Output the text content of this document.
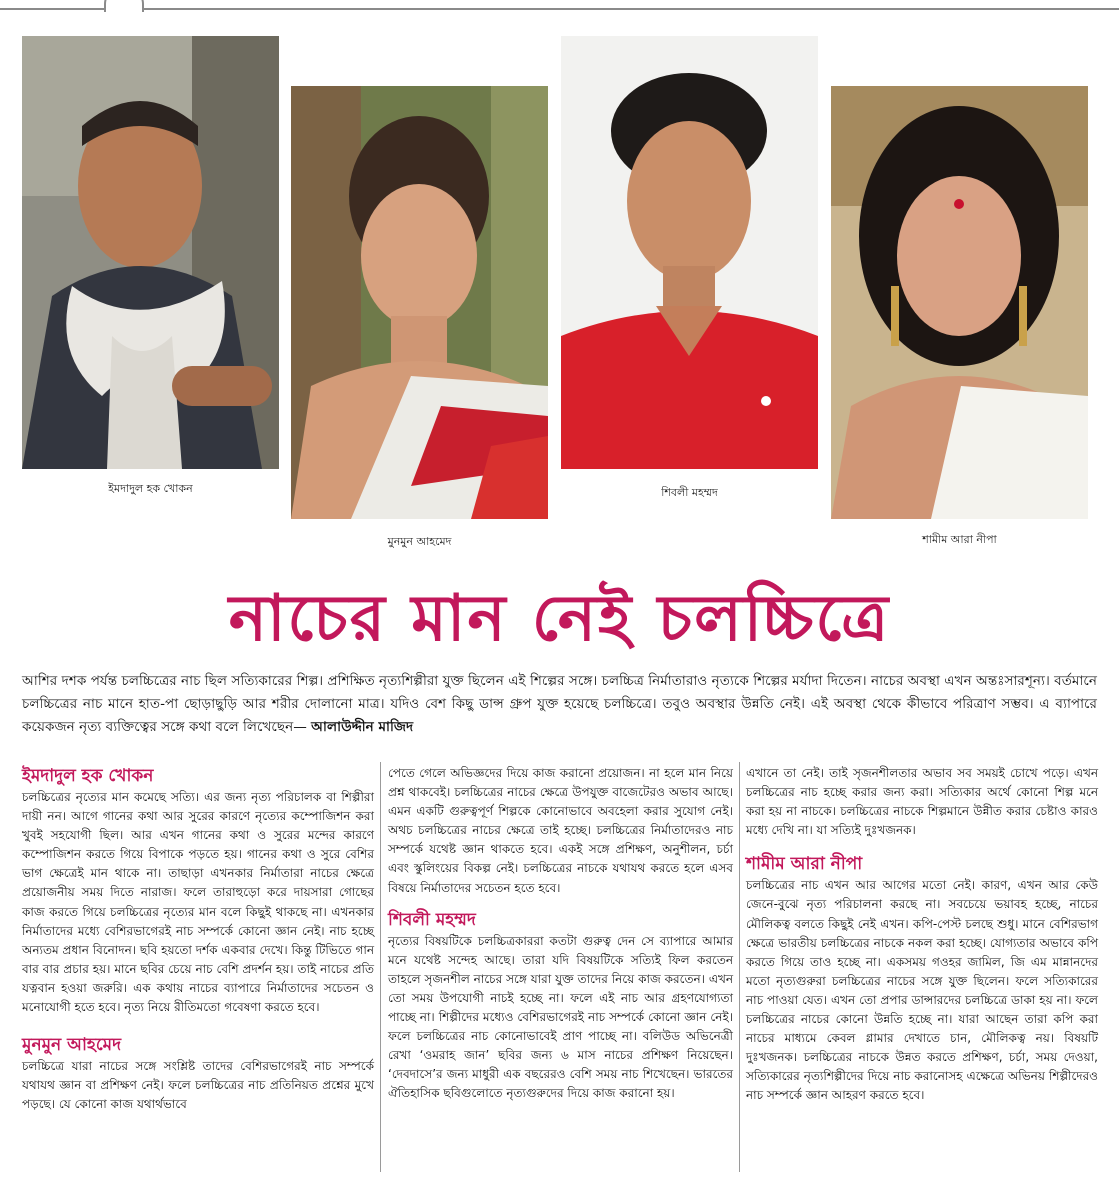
ইমদাদুল হক খোকন
মুনমুন আহমেদ
শিবলী মহম্মদ
শামীম আরা নীপা
নাচের মান নেই চলচ্চিত্রে
আশির দশক পর্যন্ত চলচ্চিত্রের নাচ ছিল সত্যিকারের শিল্প। প্রশিক্ষিত নৃত্যশিল্পীরা যুক্ত ছিলেন এই শিল্পের সঙ্গে। চলচ্চিত্র নির্মাতারাও নৃত্যকে শিল্পের মর্যাদা দিতেন। নাচের অবস্থা এখন অন্তঃসারশূন্য। বর্তমানে চলচ্চিত্রের নাচ মানে হাত-পা ছোড়াছুড়ি আর শরীর দোলানো মাত্র। যদিও বেশ কিছু ডান্স গ্রুপ যুক্ত হয়েছে চলচ্চিত্রে। তবুও অবস্থার উন্নতি নেই। এই অবস্থা থেকে কীভাবে পরিত্রাণ সম্ভব। এ ব্যাপারে কয়েকজন নৃত্য ব্যক্তিত্বের সঙ্গে কথা বলে লিখেছেন— আলাউদ্দীন মাজিদ
ইমদাদুল হক খোকন

চলচ্চিত্রের নৃত্যের মান কমেছে সত্যি। এর জন্য নৃত্য পরিচালক বা শিল্পীরা দায়ী নন। আগে গানের কথা আর সুরের কারণে নৃত্যের কম্পোজিশন করা খুবই সহযোগী ছিল। আর এখন গানের কথা ও সুরের মন্দের কারণে কম্পোজিশন করতে গিয়ে বিপাকে পড়তে হয়। গানের কথা ও সুরে বেশির ভাগ ক্ষেত্রেই মান থাকে না। তাছাড়া এখনকার নির্মাতারা নাচের ক্ষেত্রে প্রয়োজনীয় সময় দিতে নারাজ। ফলে তারাহুড়ো করে দায়সারা গোছের কাজ করতে গিয়ে চলচ্চিত্রের নৃত্যের মান বলে কিছুই থাকছে না। এখনকার নির্মাতাদের মধ্যে বেশিরভাগেরই নাচ সম্পর্কে কোনো জ্ঞান নেই। নাচ হচ্ছে অন্যতম প্রধান বিনোদন। ছবি হয়তো দর্শক একবার দেখে। কিন্তু টিভিতে গান বার বার প্রচার হয়। মানে ছবির চেয়ে নাচ বেশি প্রদর্শন হয়। তাই নাচের প্রতি যত্নবান হওয়া জরুরি। এক কথায় নাচের ব্যাপারে নির্মাতাদের সচেতন ও মনোযোগী হতে হবে। নৃত্য নিয়ে রীতিমতো গবেষণা করতে হবে।

মুনমুন আহমেদ

চলচ্চিত্রে যারা নাচের সঙ্গে সংশ্লিষ্ট তাদের বেশিরভাগেরই নাচ সম্পর্কে যথাযথ জ্ঞান বা প্রশিক্ষণ নেই। ফলে চলচ্চিত্রের নাচ প্রতিনিয়ত প্রশ্নের মুখে পড়ছে। যে কোনো কাজ যথার্থভাবে

পেতে গেলে অভিজ্ঞদের দিয়ে কাজ করানো প্রয়োজন। না হলে মান নিয়ে প্রশ্ন থাকবেই। চলচ্চিত্রের নাচের ক্ষেত্রে উপযুক্ত বাজেটেরও অভাব আছে। এমন একটি গুরুত্বপূর্ণ শিল্পকে কোনোভাবে অবহেলা করার সুযোগ নেই। অথচ চলচ্চিত্রের নাচের ক্ষেত্রে তাই হচ্ছে। চলচ্চিত্রের নির্মাতাদেরও নাচ সম্পর্কে যথেষ্ট জ্ঞান থাকতে হবে। একই সঙ্গে প্রশিক্ষণ, অনুশীলন, চর্চা এবং স্কুলিংয়ের বিকল্প নেই। চলচ্চিত্রের নাচকে যথাযথ করতে হলে এসব বিষয়ে নির্মাতাদের সচেতন হতে হবে।

শিবলী মহম্মদ

নৃত্যের বিষয়টিকে চলচ্চিত্রকাররা কতটা গুরুত্ব দেন সে ব্যাপারে আমার মনে যথেষ্ট সন্দেহ আছে। তারা যদি বিষয়টিকে সত্যিই ফিল করতেন তাহলে সৃজনশীল নাচের সঙ্গে যারা যুক্ত তাদের নিয়ে কাজ করতেন। এখন তো সময় উপযোগী নাচই হচ্ছে না। ফলে এই নাচ আর গ্রহণযোগ্যতা পাচ্ছে না। শিল্পীদের মধ্যেও বেশিরভাগেরই নাচ সম্পর্কে কোনো জ্ঞান নেই। ফলে চলচ্চিত্রের নাচ কোনোভাবেই প্রাণ পাচ্ছে না। বলিউড অভিনেত্রী রেখা ‘ওমরাহ জান’ ছবির জন্য ৬ মাস নাচের প্রশিক্ষণ নিয়েছেন। ‘দেবদাসে’র জন্য মাধুরী এক বছরেরও বেশি সময় নাচ শিখেছেন। ভারতের ঐতিহাসিক ছবিগুলোতে নৃত্যগুরুদের দিয়ে কাজ করানো হয়।

এখানে তা নেই। তাই সৃজনশীলতার অভাব সব সময়ই চোখে পড়ে। এখন চলচ্চিত্রের নাচ হচ্ছে করার জন্য করা। সত্যিকার অর্থে কোনো শিল্প মনে করা হয় না নাচকে। চলচ্চিত্রের নাচকে শিল্পমানে উন্নীত করার চেষ্টাও কারও মধ্যে দেখি না। যা সত্যিই দুঃখজনক।

শামীম আরা নীপা

চলচ্চিত্রের নাচ এখন আর আগের মতো নেই। কারণ, এখন আর কেউ জেনে-বুঝে নৃত্য পরিচালনা করছে না। সবচেয়ে ভয়াবহ হচ্ছে, নাচের মৌলিকত্ব বলতে কিছুই নেই এখন। কপি-পেস্ট চলছে শুধু। মানে বেশিরভাগ ক্ষেত্রে ভারতীয় চলচ্চিত্রের নাচকে নকল করা হচ্ছে। যোগ্যতার অভাবে কপি করতে গিয়ে তাও হচ্ছে না। একসময় গওহর জামিল, জি এম মান্নানদের মতো নৃত্যগুরুরা চলচ্চিত্রের নাচের সঙ্গে যুক্ত ছিলেন। ফলে সত্যিকারের নাচ পাওয়া যেত। এখন তো প্রপার ডান্সারদের চলচ্চিত্রে ডাকা হয় না। ফলে চলচ্চিত্রের নাচের কোনো উন্নতি হচ্ছে না। যারা আছেন তারা কপি করা নাচের মাধ্যমে কেবল গ্লামার দেখাতে চান, মৌলিকত্ব নয়। বিষয়টি দুঃখজনক। চলচ্চিত্রের নাচকে উন্নত করতে প্রশিক্ষণ, চর্চা, সময় দেওয়া, সত্যিকারের নৃত্যশিল্পীদের দিয়ে নাচ করানোসহ এক্ষেত্রে অভিনয় শিল্পীদেরও নাচ সম্পর্কে জ্ঞান আহরণ করতে হবে।
